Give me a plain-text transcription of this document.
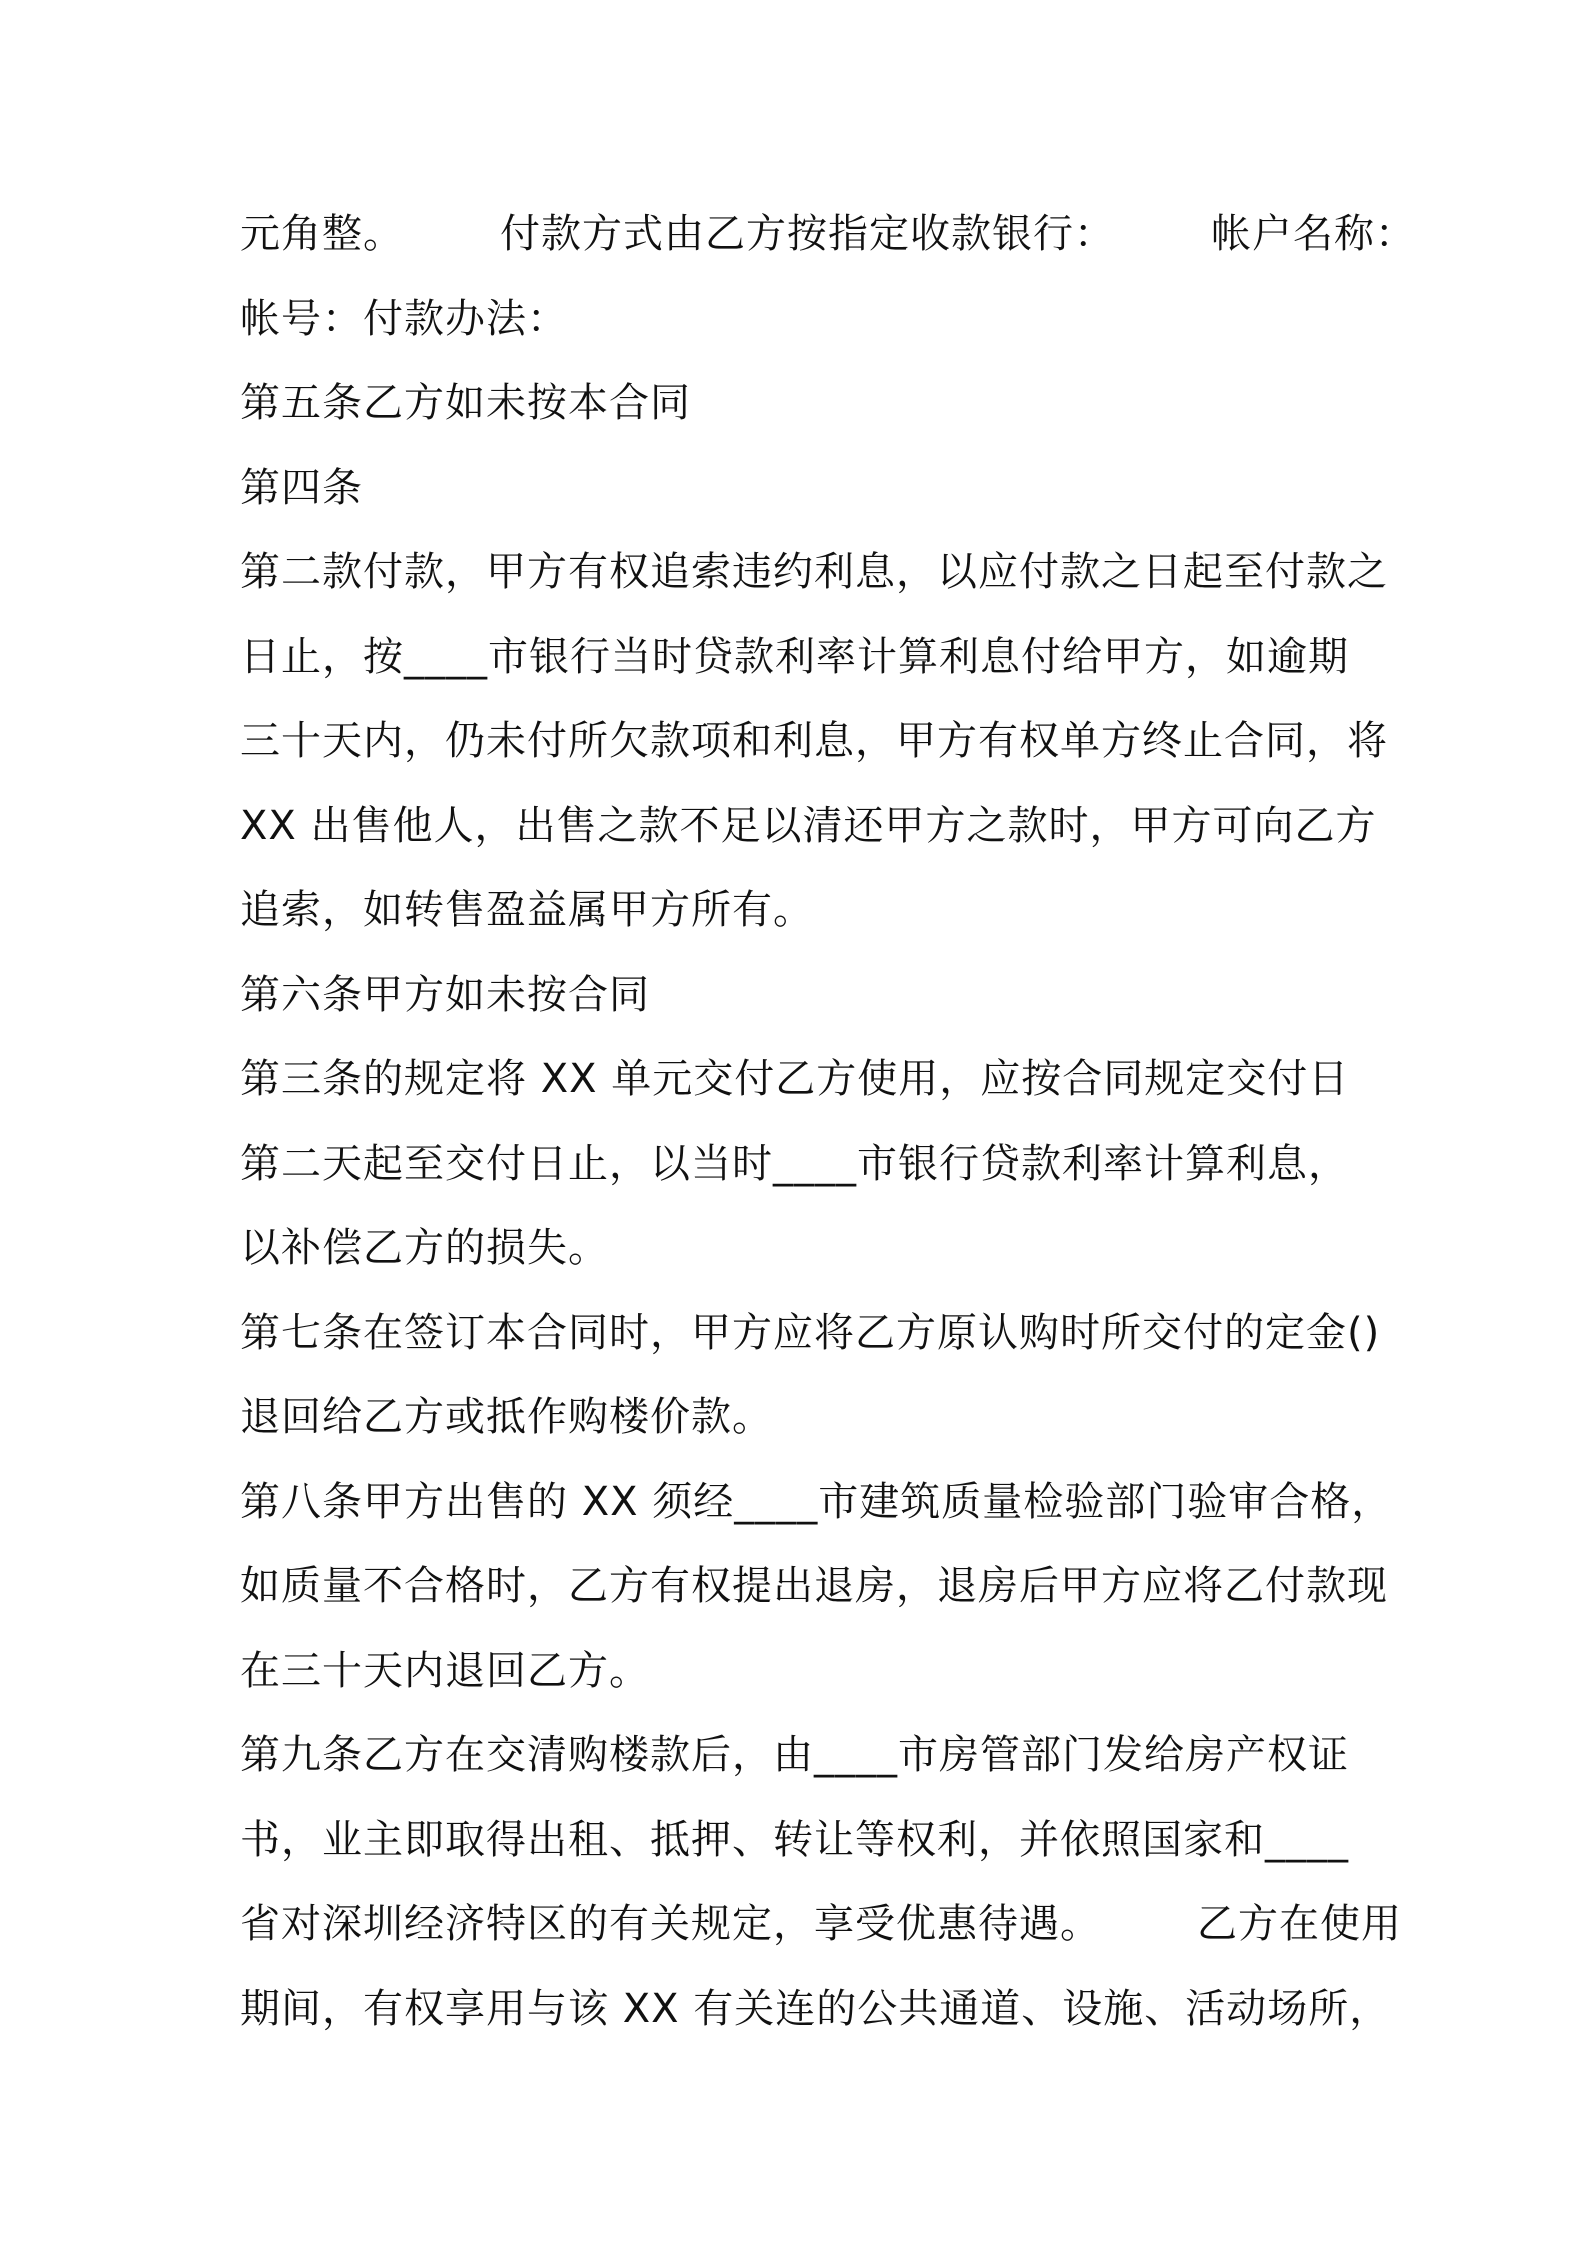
元角整。 付款方式由乙方按指定收款银行： 帐户名称：
帐号：付款办法：
第五条乙方如未按本合同
第四条
第二款付款，甲方有权追索违约利息，以应付款之日起至付款之
日止，按____市银行当时贷款利率计算利息付给甲方，如逾期
三十天内，仍未付所欠款项和利息，甲方有权单方终止合同，将
XX 出售他人，出售之款不足以清还甲方之款时，甲方可向乙方
追索，如转售盈益属甲方所有。
第六条甲方如未按合同
第三条的规定将 XX 单元交付乙方使用，应按合同规定交付日
第二天起至交付日止，以当时____市银行贷款利率计算利息，
以补偿乙方的损失。
第七条在签订本合同时，甲方应将乙方原认购时所交付的定金()
退回给乙方或抵作购楼价款。
第八条甲方出售的 XX 须经____市建筑质量检验部门验审合格，
如质量不合格时，乙方有权提出退房，退房后甲方应将乙付款现
在三十天内退回乙方。
第九条乙方在交清购楼款后，由____市房管部门发给房产权证
书，业主即取得出租、抵押、转让等权利，并依照国家和____
省对深圳经济特区的有关规定，享受优惠待遇。 乙方在使用
期间，有权享用与该 XX 有关连的公共通道、设施、活动场所，
